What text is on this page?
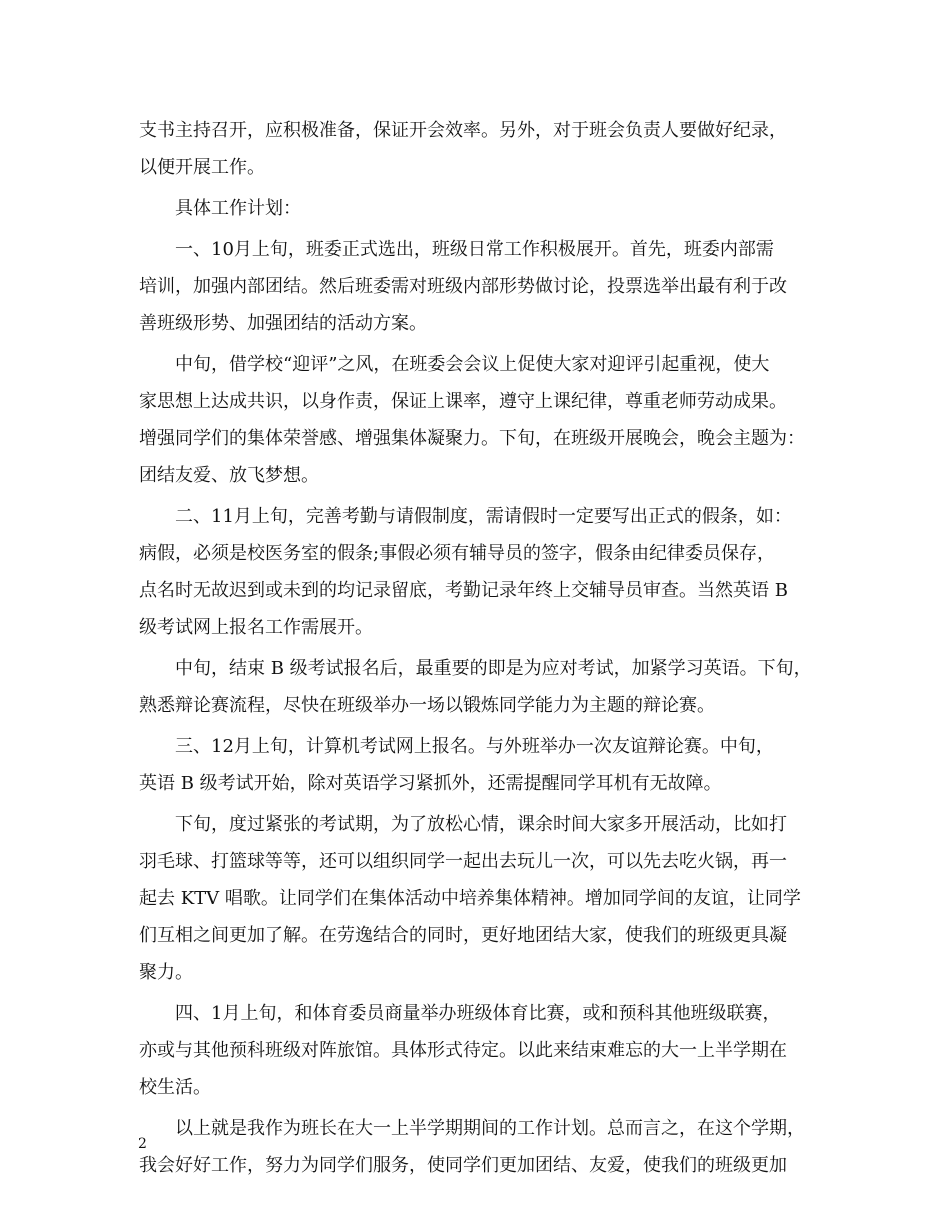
支书主持召开，应积极准备，保证开会效率。另外，对于班会负责人要做好纪录，
以便开展工作。
具体工作计划：
一、10月上旬，班委正式选出，班级日常工作积极展开。首先，班委内部需
培训，加强内部团结。然后班委需对班级内部形势做讨论，投票选举出最有利于改
善班级形势、加强团结的活动方案。
中旬，借学校“迎评”之风，在班委会会议上促使大家对迎评引起重视，使大
家思想上达成共识，以身作责，保证上课率，遵守上课纪律，尊重老师劳动成果。
增强同学们的集体荣誉感、增强集体凝聚力。下旬，在班级开展晚会，晚会主题为：
团结友爱、放飞梦想。
二、11月上旬，完善考勤与请假制度，需请假时一定要写出正式的假条，如：
病假，必须是校医务室的假条;事假必须有辅导员的签字，假条由纪律委员保存，
点名时无故迟到或未到的均记录留底，考勤记录年终上交辅导员审查。当然英语 B
级考试网上报名工作需展开。
中旬，结束 B 级考试报名后，最重要的即是为应对考试，加紧学习英语。下旬，
熟悉辩论赛流程，尽快在班级举办一场以锻炼同学能力为主题的辩论赛。
三、12月上旬，计算机考试网上报名。与外班举办一次友谊辩论赛。中旬，
英语 B 级考试开始，除对英语学习紧抓外，还需提醒同学耳机有无故障。
下旬，度过紧张的考试期，为了放松心情，课余时间大家多开展活动，比如打
羽毛球、打篮球等等，还可以组织同学一起出去玩儿一次，可以先去吃火锅，再一
起去 KTV 唱歌。让同学们在集体活动中培养集体精神。增加同学间的友谊，让同学
们互相之间更加了解。在劳逸结合的同时，更好地团结大家，使我们的班级更具凝
聚力。
四、1月上旬，和体育委员商量举办班级体育比赛，或和预科其他班级联赛，
亦或与其他预科班级对阵旅馆。具体形式待定。以此来结束难忘的大一上半学期在
校生活。
以上就是我作为班长在大一上半学期期间的工作计划。总而言之，在这个学期，
我会好好工作，努力为同学们服务，使同学们更加团结、友爱，使我们的班级更加
2
